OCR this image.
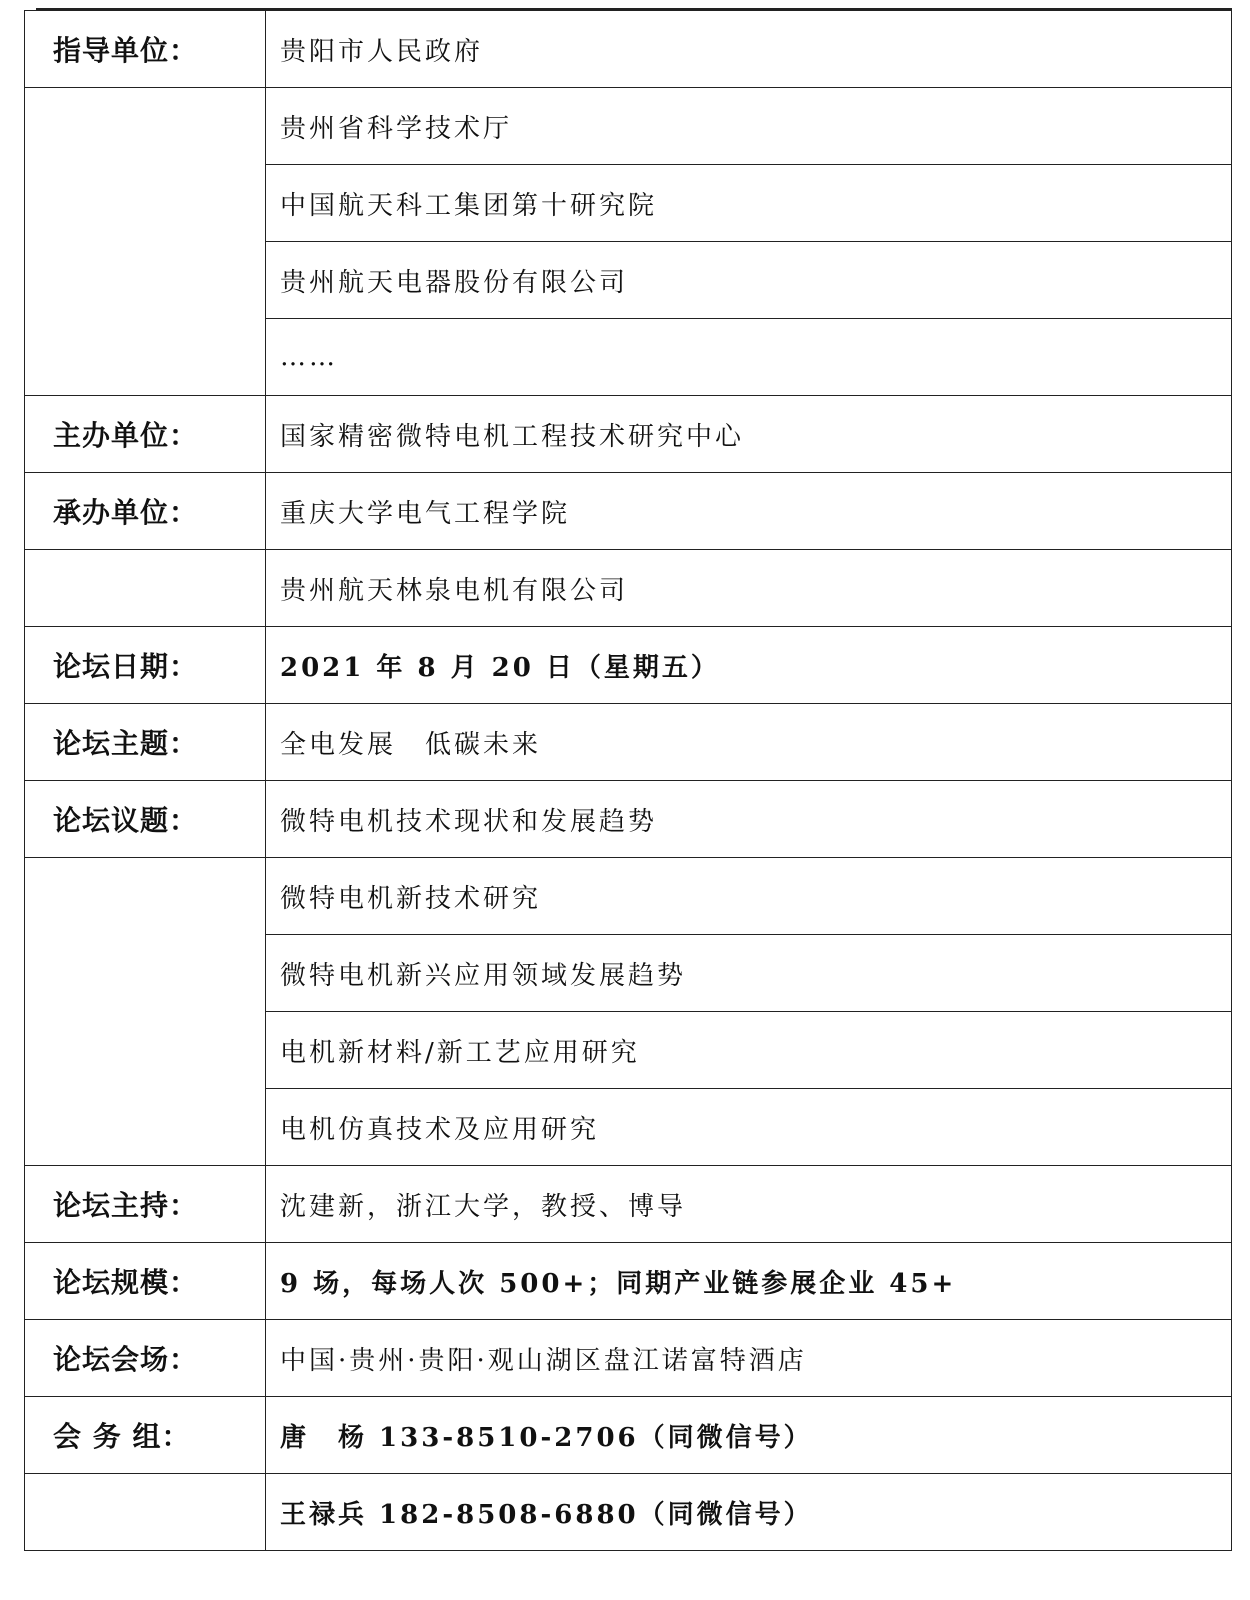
指导单位：	贵阳市人民政府
	贵州省科学技术厅
	中国航天科工集团第十研究院
	贵州航天电器股份有限公司
	……
主办单位：	国家精密微特电机工程技术研究中心
承办单位：	重庆大学电气工程学院
	贵州航天林泉电机有限公司
论坛日期：	2021 年 8 月 20 日（星期五）
论坛主题：	全电发展　低碳未来
论坛议题：	微特电机技术现状和发展趋势
	微特电机新技术研究
	微特电机新兴应用领域发展趋势
	电机新材料/新工艺应用研究
	电机仿真技术及应用研究
论坛主持：	沈建新，浙江大学，教授、博导
论坛规模：	9 场，每场人次 500+；同期产业链参展企业 45+
论坛会场：	中国·贵州·贵阳·观山湖区盘江诺富特酒店
会 务 组：	唐　杨 133-8510-2706（同微信号）
	王禄兵 182-8508-6880（同微信号）
